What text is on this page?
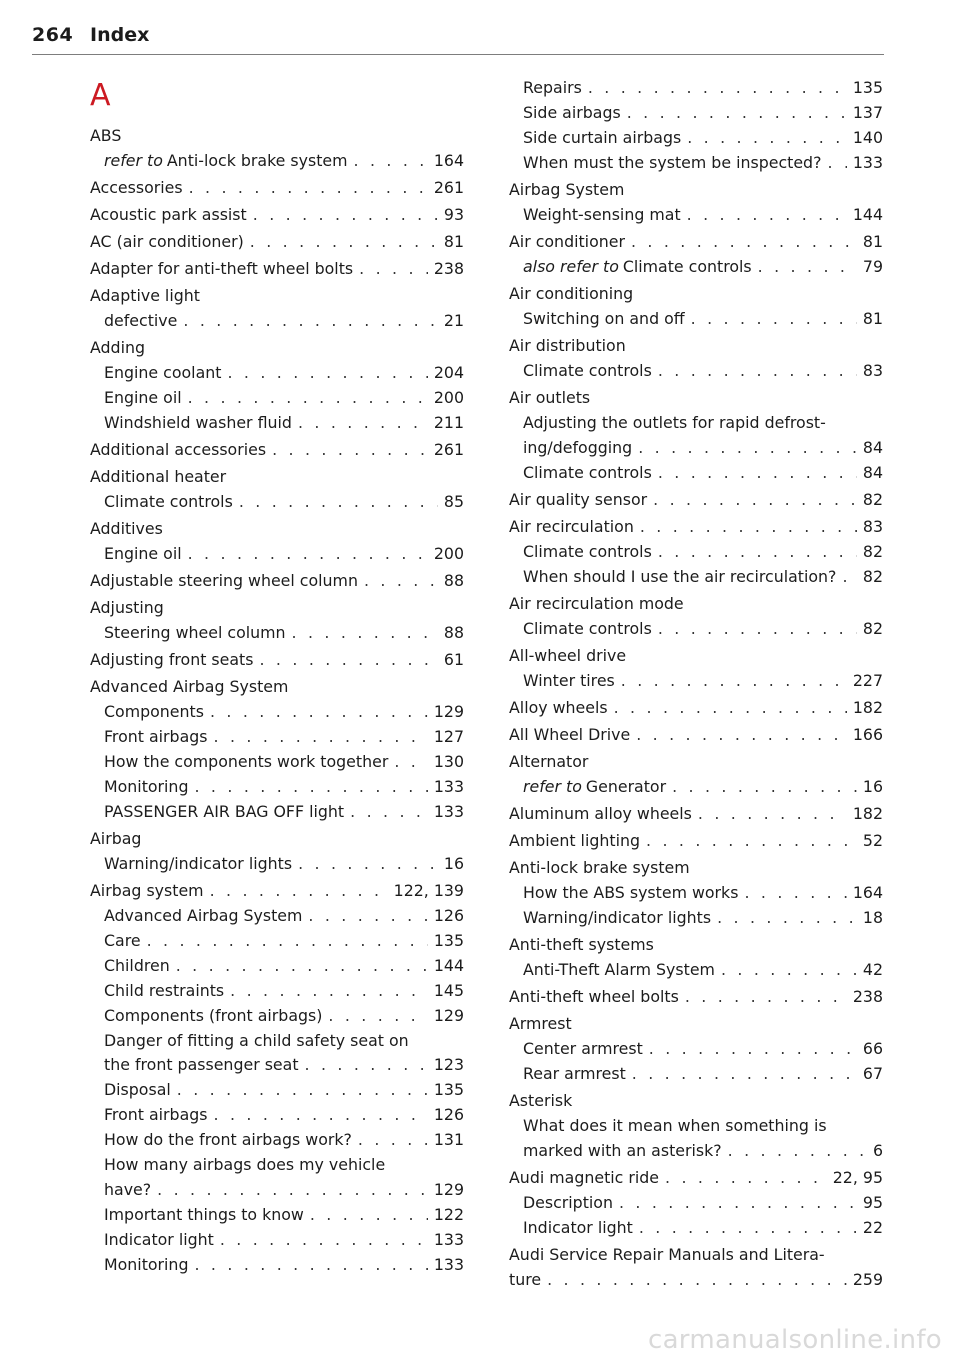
264 Index
A
ABS
refer to Anti-lock brake system . . .	164
Accessories . . .	261
Acoustic park assist . . .	93
AC (air conditioner) . . .	81
Adapter for anti-theft wheel bolts . . .	238
Adaptive light
defective . . .	21
Adding
Engine coolant . . .	204
Engine oil . . .	200
Windshield washer fluid . . .	211
Additional accessories . . .	261
Additional heater
Climate controls . . .	85
Additives
Engine oil . . .	200
Adjustable steering wheel column . . .	88
Adjusting
Steering wheel column . . .	88
Adjusting front seats . . .	61
Advanced Airbag System
Components . . .	129
Front airbags . . .	127
How the components work together . . .	130
Monitoring . . .	133
PASSENGER AIR BAG OFF light . . .	133
Airbag
Warning/indicator lights . . .	16
Airbag system . . .	122, 139
Advanced Airbag System . . .	126
Care . . .	135
Children . . .	144
Child restraints . . .	145
Components (front airbags) . . .	129
Danger of fitting a child safety seat on
the front passenger seat . . .	123
Disposal . . .	135
Front airbags . . .	126
How do the front airbags work? . . .	131
How many airbags does my vehicle
have? . . .	129
Important things to know . . .	122
Indicator light . . .	133
Monitoring . . .	133
Repairs . . .	135
Side airbags . . .	137
Side curtain airbags . . .	140
When must the system be inspected? . . . 133
Airbag System
Weight-sensing mat . . .	144
Air conditioner . . .	81
also refer to Climate controls . . .	79
Air conditioning
Switching on and off . . .	81
Air distribution
Climate controls . . .	83
Air outlets
Adjusting the outlets for rapid defrost-
ing/defogging . . .	84
Climate controls . . .	84
Air quality sensor . . .	82
Air recirculation . . .	83
Climate controls . . .	82
When should I use the air recirculation? . . . 82
Air recirculation mode
Climate controls . . .	82
All-wheel drive
Winter tires . . .	227
Alloy wheels . . .	182
All Wheel Drive . . .	166
Alternator
refer to Generator . . .	16
Aluminum alloy wheels . . .	182
Ambient lighting . . .	52
Anti-lock brake system
How the ABS system works . . .	164
Warning/indicator lights . . .	18
Anti-theft systems
Anti-Theft Alarm System . . .	42
Anti-theft wheel bolts . . .	238
Armrest
Center armrest . . .	66
Rear armrest . . .	67
Asterisk
What does it mean when something is
marked with an asterisk? . . .	6
Audi magnetic ride . . .	22, 95
Description . . .	95
Indicator light . . .	22
Audi Service Repair Manuals and Litera-
ture . . .	259
carmanualsonline.info
